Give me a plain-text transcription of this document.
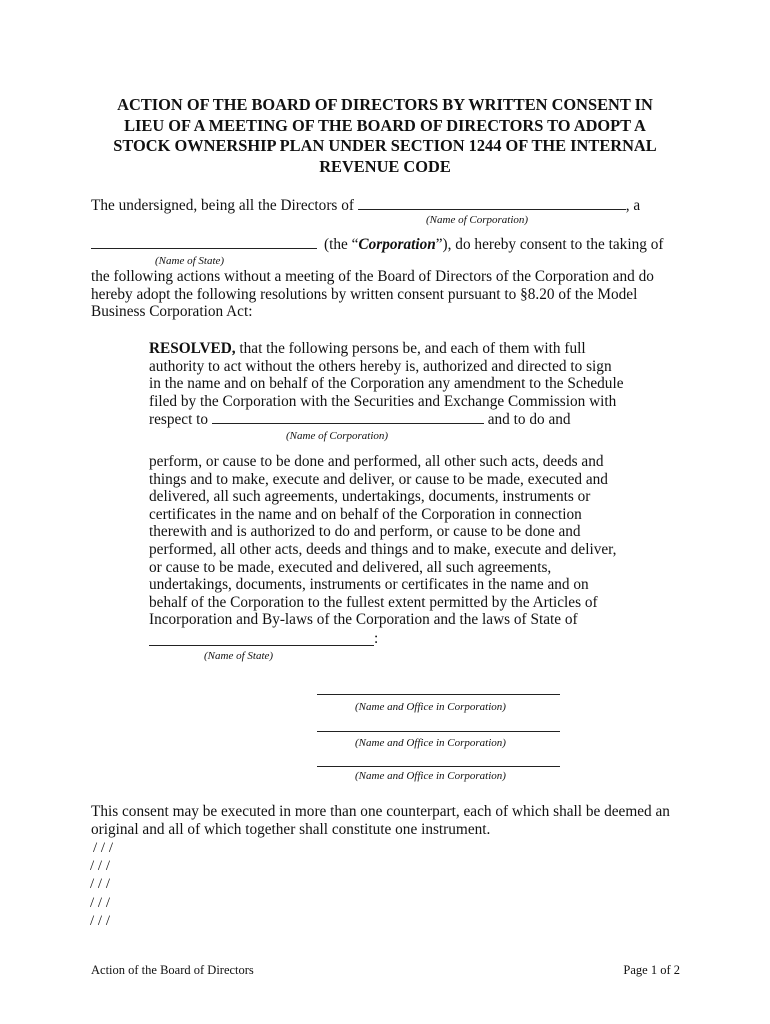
ACTION OF THE BOARD OF DIRECTORS BY WRITTEN CONSENT IN
LIEU OF A MEETING OF THE BOARD OF DIRECTORS TO ADOPT A
STOCK OWNERSHIP PLAN UNDER SECTION 1244 OF THE INTERNAL
REVENUE CODE
The undersigned, being all the Directors of	, a
(Name of Corporation)
(the “Corporation”), do hereby consent to the taking of
(Name of State)
the following actions without a meeting of the Board of Directors of the Corporation and do
hereby adopt the following resolutions by written consent pursuant to §8.20 of the Model
Business Corporation Act:
RESOLVED, that the following persons be, and each of them with full
authority to act without the others hereby is, authorized and directed to sign
in the name and on behalf of the Corporation any amendment to the Schedule
filed by the Corporation with the Securities and Exchange Commission with
respect to	and to do and
(Name of Corporation)
perform, or cause to be done and performed, all other such acts, deeds and
things and to make, execute and deliver, or cause to be made, executed and
delivered, all such agreements, undertakings, documents, instruments or
certificates in the name and on behalf of the Corporation in connection
therewith and is authorized to do and perform, or cause to be done and
performed, all other acts, deeds and things and to make, execute and deliver,
or cause to be made, executed and delivered, all such agreements,
undertakings, documents, instruments or certificates in the name and on
behalf of the Corporation to the fullest extent permitted by the Articles of
Incorporation and By-laws of the Corporation and the laws of State of
:
(Name of State)
(Name and Office in Corporation)
(Name and Office in Corporation)
(Name and Office in Corporation)
This consent may be executed in more than one counterpart, each of which shall be deemed an
original and all of which together shall constitute one instrument.
/ / /
/ / /
/ / /
/ / /
/ / /
Action of the Board of Directors	Page 1 of 2
